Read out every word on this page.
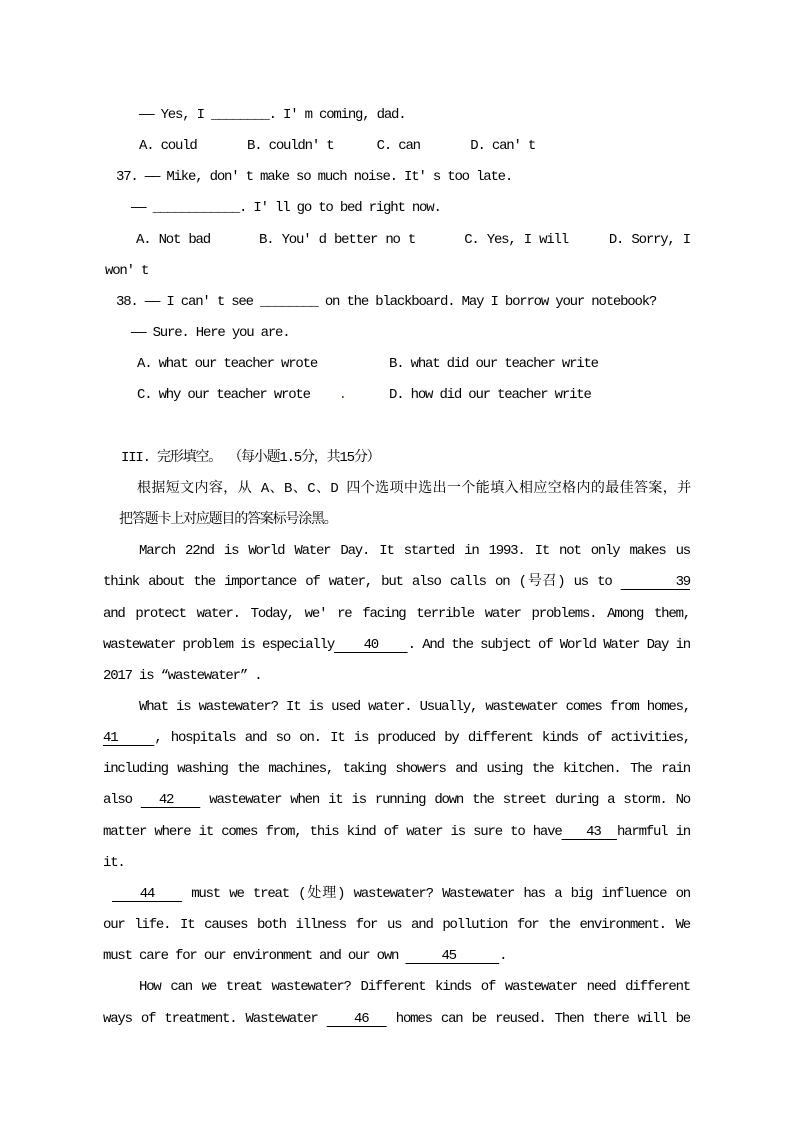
—— Yes, I ________. I' m coming, dad.
A. could       B. couldn' t      C. can       D. can' t
37. —— Mike, don' t make so much noise. It' s too late.
—— ____________. I' ll go to bed right now.
A. Not bad      B. You' d better no t      C. Yes, I will     D. Sorry, I
won' t
38. —— I can' t see ________ on the blackboard. May I borrow your notebook?
—— Sure. Here you are.
A. what our teacher wrote          B. what did our teacher write
C. why our teacher wrote    .      D. how did our teacher write
III. 完形填空。 （每小题1.5分，共15分）
根据短文内容，从 A、B、C、D 四个选项中选出一个能填入相应空格内的最佳答案，并
把答题卡上对应题目的答案标号涂黑。
March 22nd is World Water Day. It started in 1993. It not only makes us
think about the importance of water, but also calls on (号召) us to       39
and protect water. Today, we' re facing terrible water problems. Among them,
wastewater problem is especially    40    . And the subject of World Water Day in
2017 is “wastewater” .
What is wastewater? It is used water. Usually, wastewater comes from homes,
41    , hospitals and so on. It is produced by different kinds of activities,
including washing the machines, taking showers and using the kitchen. The rain
also   42    wastewater when it is running down the street during a storm. No
matter where it comes from, this kind of water is sure to have   43  harmful in
it.
44    must we treat (处理) wastewater? Wastewater has a big influence on
our life. It causes both illness for us and pollution for the environment. We
must care for our environment and our own      45      .
How can we treat wastewater? Different kinds of wastewater need different
ways of treatment. Wastewater    46   homes can be reused. Then there will be
